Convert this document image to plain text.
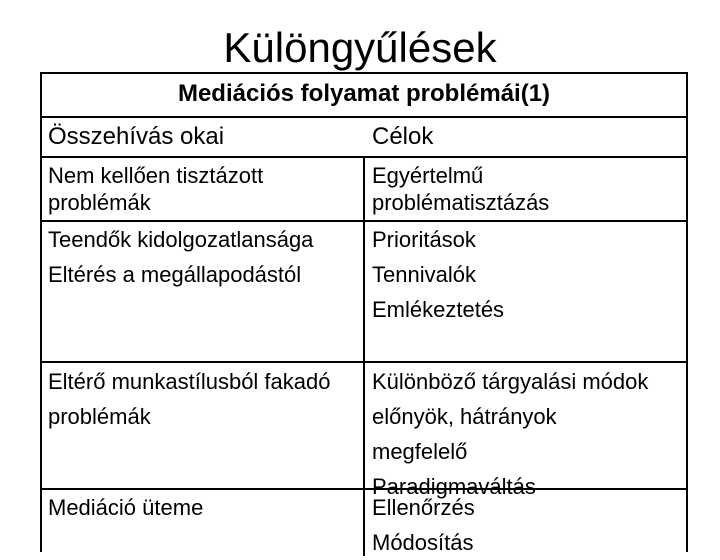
Különgyűlések
Mediációs folyamat problémái(1)
Összehívás okai	Célok
Nem kellően tisztázott
problémák
Egyértelmű
problématisztázás
Teendők kidolgozatlansága
Eltérés a megállapodástól
Prioritások
Tennivalók
Emlékeztetés
Eltérő munkastílusból fakadó
problémák
Különböző tárgyalási módok
előnyök, hátrányok
megfelelő
Paradigmaváltás
Mediáció üteme	Ellenőrzés
Módosítás
